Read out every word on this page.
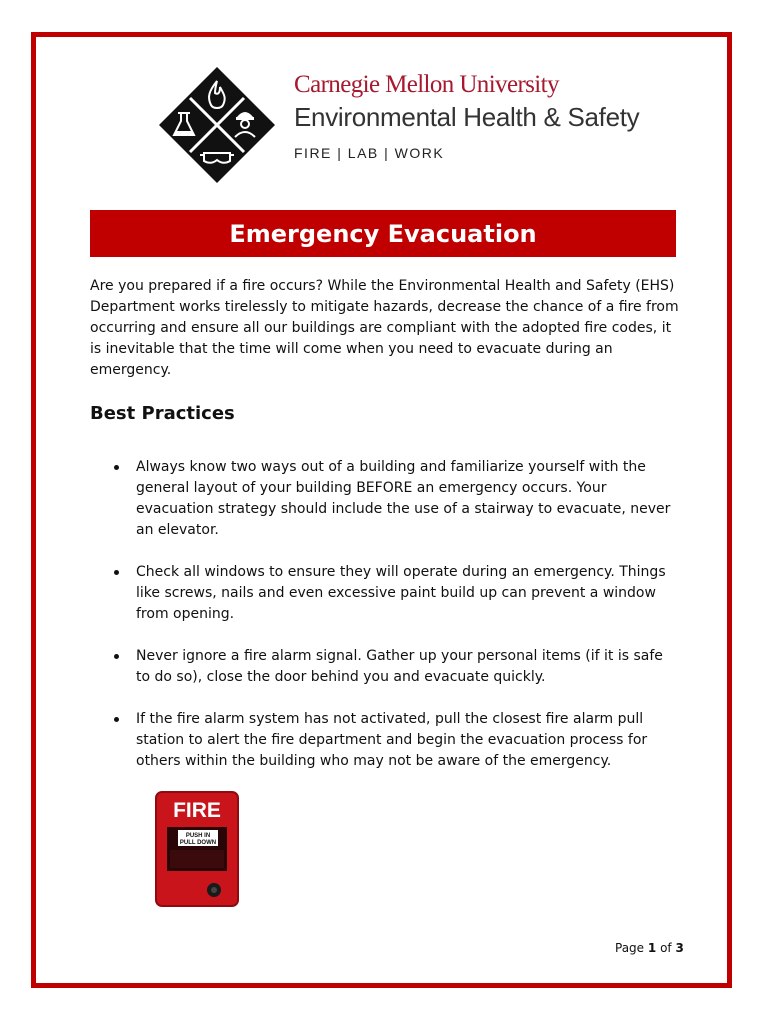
Carnegie Mellon University
Environmental Health & Safety
FIRE | LAB | WORK
Emergency Evacuation

Are you prepared if a fire occurs? While the Environmental Health and Safety (EHS) Department works tirelessly to mitigate hazards, decrease the chance of a fire from occurring and ensure all our buildings are compliant with the adopted fire codes, it is inevitable that the time will come when you need to evacuate during an emergency.

Best Practices
Always know two ways out of a building and familiarize yourself with the general layout of your building BEFORE an emergency occurs. Your evacuation strategy should include the use of a stairway to evacuate, never an elevator.
Check all windows to ensure they will operate during an emergency. Things like screws, nails and even excessive paint build up can prevent a window from opening.
Never ignore a fire alarm signal. Gather up your personal items (if it is safe to do so), close the door behind you and evacuate quickly.
If the fire alarm system has not activated, pull the closest fire alarm pull station to alert the fire department and begin the evacuation process for others within the building who may not be aware of the emergency.
FIRE
PUSH IN
PULL DOWN
Page 1 of 3
